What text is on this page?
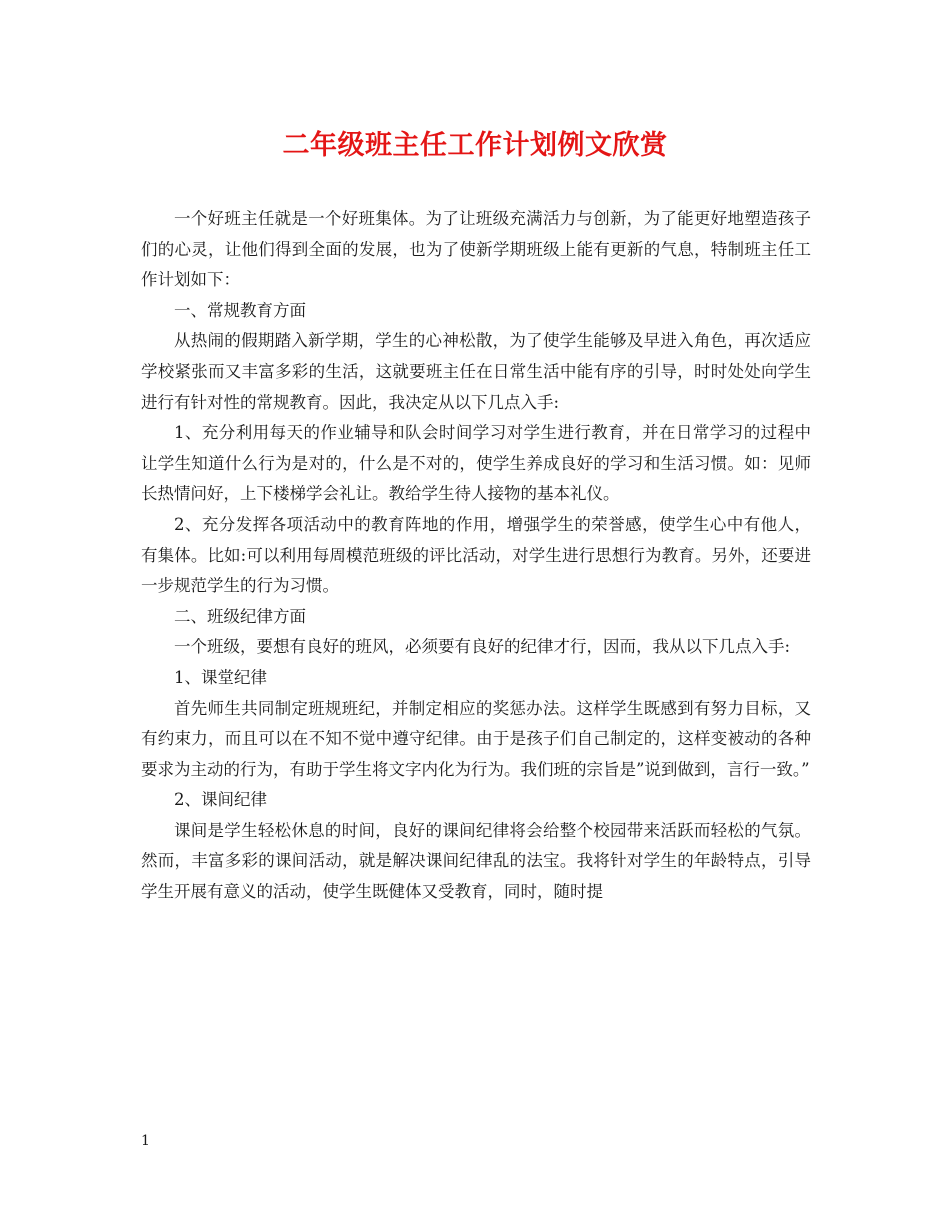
二年级班主任工作计划例文欣赏

一个好班主任就是一个好班集体。为了让班级充满活力与创新，为了能更好地塑造孩子们的心灵，让他们得到全面的发展，也为了使新学期班级上能有更新的气息，特制班主任工作计划如下：

一、常规教育方面

从热闹的假期踏入新学期，学生的心神松散，为了使学生能够及早进入角色，再次适应学校紧张而又丰富多彩的生活，这就要班主任在日常生活中能有序的引导，时时处处向学生进行有针对性的常规教育。因此，我决定从以下几点入手:

1、充分利用每天的作业辅导和队会时间学习对学生进行教育，并在日常学习的过程中让学生知道什么行为是对的，什么是不对的，使学生养成良好的学习和生活习惯。如：见师长热情问好，上下楼梯学会礼让。教给学生待人接物的基本礼仪。

2、充分发挥各项活动中的教育阵地的作用，增强学生的荣誉感，使学生心中有他人，有集体。比如:可以利用每周模范班级的评比活动，对学生进行思想行为教育。另外，还要进一步规范学生的行为习惯。

二、班级纪律方面

一个班级，要想有良好的班风，必须要有良好的纪律才行，因而，我从以下几点入手:

1、课堂纪律

首先师生共同制定班规班纪，并制定相应的奖惩办法。这样学生既感到有努力目标，又有约束力，而且可以在不知不觉中遵守纪律。由于是孩子们自己制定的，这样变被动的各种要求为主动的行为，有助于学生将文字内化为行为。我们班的宗旨是”说到做到，言行一致。”

2、课间纪律

课间是学生轻松休息的时间，良好的课间纪律将会给整个校园带来活跃而轻松的气氛。然而，丰富多彩的课间活动，就是解决课间纪律乱的法宝。我将针对学生的年龄特点，引导学生开展有意义的活动，使学生既健体又受教育，同时，随时提

1
